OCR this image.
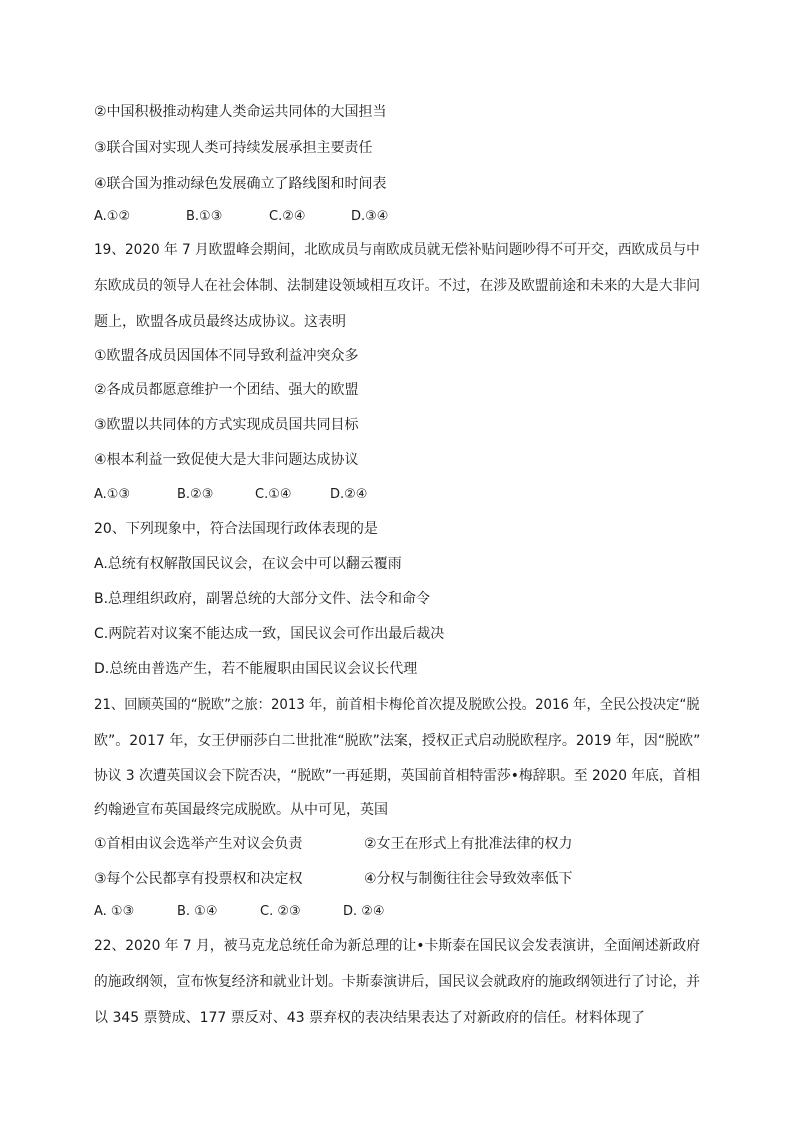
②中国积极推动构建人类命运共同体的大国担当
③联合国对实现人类可持续发展承担主要责任
④联合国为推动绿色发展确立了路线图和时间表
A.①②	B.①③	C.②④	D.③④
19、2020 年 7 月欧盟峰会期间，北欧成员与南欧成员就无偿补贴问题吵得不可开交，西欧成员与中
东欧成员的领导人在社会体制、法制建设领域相互攻讦。不过，在涉及欧盟前途和未来的大是大非问
题上，欧盟各成员最终达成协议。这表明
①欧盟各成员因国体不同导致利益冲突众多
②各成员都愿意维护一个团结、强大的欧盟
③欧盟以共同体的方式实现成员国共同目标
④根本利益一致促使大是大非问题达成协议
A.①③	B.②③	C.①④	D.②④
20、下列现象中，符合法国现行政体表现的是
A.总统有权解散国民议会，在议会中可以翻云覆雨
B.总理组织政府，副署总统的大部分文件、法令和命令
C.两院若对议案不能达成一致，国民议会可作出最后裁决
D.总统由普选产生，若不能履职由国民议会议长代理
21、回顾英国的“脱欧”之旅：2013 年，前首相卡梅伦首次提及脱欧公投。2016 年，全民公投决定“脱
欧”。2017 年，女王伊丽莎白二世批准“脱欧”法案，授权正式启动脱欧程序。2019 年，因“脱欧”
协议 3 次遭英国议会下院否决，“脱欧”一再延期，英国前首相特雷莎•梅辞职。至 2020 年底，首相
约翰逊宣布英国最终完成脱欧。从中可见，英国
①首相由议会选举产生对议会负责	②女王在形式上有批准法律的权力
③每个公民都享有投票权和决定权	④分权与制衡往往会导致效率低下
A. ①③	B. ①④	C. ②③	D. ②④
22、2020 年 7 月，被马克龙总统任命为新总理的让•卡斯泰在国民议会发表演讲，全面阐述新政府
的施政纲领，宣布恢复经济和就业计划。卡斯泰演讲后，国民议会就政府的施政纲领进行了讨论，并
以 345 票赞成、177 票反对、43 票弃权的表决结果表达了对新政府的信任。材料体现了
